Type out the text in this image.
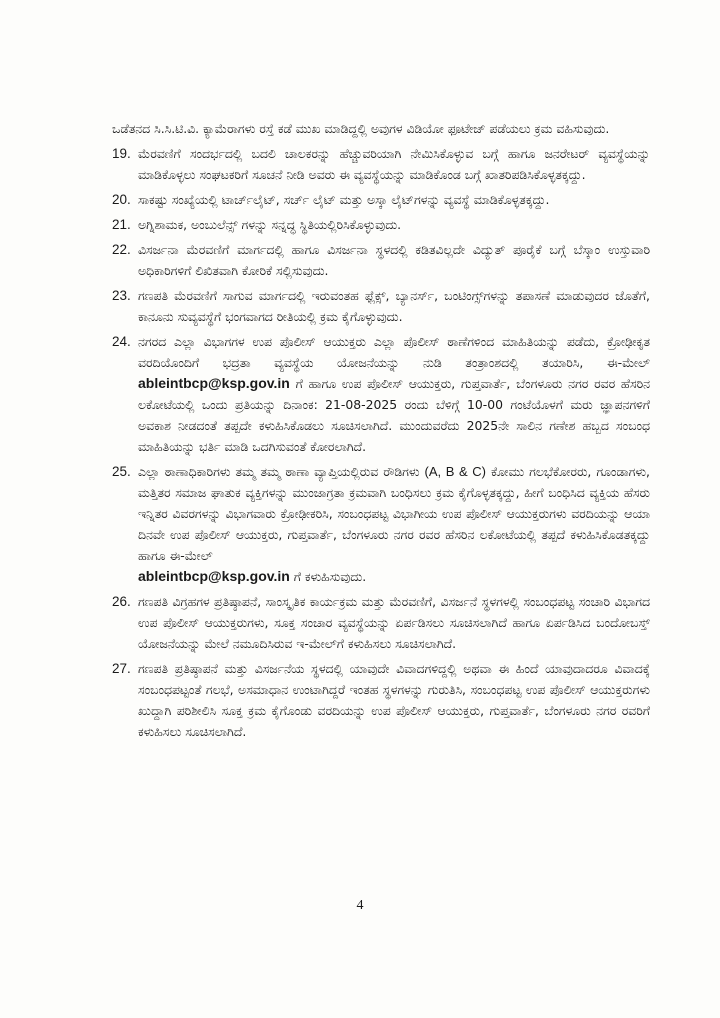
ಒಡೆತನದ ಸಿ.ಸಿ.ಟಿ.ವಿ. ಕ್ಯಾಮೆರಾಗಳು ರಸ್ತೆ ಕಡೆ ಮುಖ ಮಾಡಿದ್ದಲ್ಲಿ ಅವುಗಳ ವಿಡಿಯೋ ಫೂಟೇಜ್ ಪಡೆಯಲು ಕ್ರಮ ವಹಿಸುವುದು.

19. ಮೆರವಣಿಗೆ ಸಂದರ್ಭದಲ್ಲಿ ಬದಲಿ ಚಾಲಕರನ್ನು ಹೆಚ್ಚುವರಿಯಾಗಿ ನೇಮಿಸಿಕೊಳ್ಳುವ ಬಗ್ಗೆ ಹಾಗೂ ಜನರೇಟರ್ ವ್ಯವಸ್ಥೆಯನ್ನು ಮಾಡಿಕೊಳ್ಳಲು ಸಂಘಟಕರಿಗೆ ಸೂಚನೆ ನೀಡಿ ಅವರು ಈ ವ್ಯವಸ್ಥೆಯನ್ನು ಮಾಡಿಕೊಂಡ ಬಗ್ಗೆ ಖಾತರಿಪಡಿಸಿಕೊಳ್ಳತಕ್ಕದ್ದು.
20. ಸಾಕಷ್ಟು ಸಂಖ್ಯೆಯಲ್ಲಿ ಟಾರ್ಚ್‌ಲೈಟ್, ಸರ್ಚ್ ಲೈಟ್ ಮತ್ತು ಅಸ್ಕಾ ಲೈಟ್‌ಗಳನ್ನು ವ್ಯವಸ್ಥೆ ಮಾಡಿಕೊಳ್ಳತಕ್ಕದ್ದು.
21. ಅಗ್ನಿಶಾಮಕ, ಅಂಬುಲೆನ್ಸ್ ಗಳನ್ನು ಸನ್ನದ್ಧ ಸ್ಥಿತಿಯಲ್ಲಿರಿಸಿಕೊಳ್ಳುವುದು.
22. ವಿಸರ್ಜನಾ ಮೆರವಣಿಗೆ ಮಾರ್ಗದಲ್ಲಿ ಹಾಗೂ ವಿಸರ್ಜನಾ ಸ್ಥಳದಲ್ಲಿ ಕಡಿತವಿಲ್ಲದೇ ವಿದ್ಯುತ್ ಪೂರೈಕೆ ಬಗ್ಗೆ ಬೆಸ್ಕಾಂ ಉಸ್ತುವಾರಿ ಅಧಿಕಾರಿಗಳಿಗೆ ಲಿಖಿತವಾಗಿ ಕೋರಿಕೆ ಸಲ್ಲಿಸುವುದು.
23. ಗಣಪತಿ ಮೆರವಣಿಗೆ ಸಾಗುವ ಮಾರ್ಗದಲ್ಲಿ ಇರುವಂತಹ ಫ್ಲೆಕ್ಸ್, ಬ್ಯಾನರ್ಸ್, ಬಂಟಿಂಗ್ಸ್‌ಗಳನ್ನು ತಪಾಸಣೆ ಮಾಡುವುದರ ಜೊತೆಗೆ, ಕಾನೂನು ಸುವ್ಯವಸ್ಥೆಗೆ ಭಂಗವಾಗದ ರೀತಿಯಲ್ಲಿ ಕ್ರಮ ಕೈಗೊಳ್ಳುವುದು.
24. ನಗರದ ಎಲ್ಲಾ ವಿಭಾಗಗಳ ಉಪ ಪೊಲೀಸ್ ಆಯುಕ್ತರು ಎಲ್ಲಾ ಪೊಲೀಸ್ ಠಾಣೆಗಳಿಂದ ಮಾಹಿತಿಯನ್ನು ಪಡೆದು, ಕ್ರೋಢೀಕೃತ ವರದಿಯೊಂದಿಗೆ ಭದ್ರತಾ ವ್ಯವಸ್ಥೆಯ ಯೋಜನೆಯನ್ನು ನುಡಿ ತಂತ್ರಾಂಶದಲ್ಲಿ ತಯಾರಿಸಿ, ಈ-ಮೇಲ್ ableintbcp@ksp.gov.in ಗೆ ಹಾಗೂ ಉಪ ಪೊಲೀಸ್ ಆಯುಕ್ತರು, ಗುಪ್ತವಾರ್ತೆ, ಬೆಂಗಳೂರು ನಗರ ರವರ ಹೆಸರಿನ ಲಕೋಟೆಯಲ್ಲಿ ಒಂದು ಪ್ರತಿಯನ್ನು ದಿನಾಂಕ: 21-08-2025 ರಂದು ಬೆಳಿಗ್ಗೆ 10-00 ಗಂಟೆಯೊಳಗೆ ಮರು ಜ್ಞಾಪನಗಳಿಗೆ ಅವಕಾಶ ನೀಡದಂತೆ ತಪ್ಪದೇ ಕಳುಹಿಸಿಕೊಡಲು ಸೂಚಿಸಲಾಗಿದೆ. ಮುಂದುವರೆದು 2025ನೇ ಸಾಲಿನ ಗಣೇಶ ಹಬ್ಬದ ಸಂಬಂಧ ಮಾಹಿತಿಯನ್ನು ಭರ್ತಿ ಮಾಡಿ ಒದಗಿಸುವಂತೆ ಕೋರಲಾಗಿದೆ.
25. ಎಲ್ಲಾ ಠಾಣಾಧಿಕಾರಿಗಳು ತಮ್ಮ ತಮ್ಮ ಠಾಣಾ ವ್ಯಾಪ್ತಿಯಲ್ಲಿರುವ ರೌಡಿಗಳು (A, B & C) ಕೋಮು ಗಲಭೆಕೋರರು, ಗೂಂಡಾಗಳು, ಮತ್ತಿತರ ಸಮಾಜ ಘಾತುಕ ವ್ಯಕ್ತಿಗಳನ್ನು ಮುಂಜಾಗ್ರತಾ ಕ್ರಮವಾಗಿ ಬಂಧಿಸಲು ಕ್ರಮ ಕೈಗೊಳ್ಳತಕ್ಕದ್ದು, ಹೀಗೆ ಬಂಧಿಸಿದ ವ್ಯಕ್ತಿಯ ಹೆಸರು ಇನ್ನಿತರ ವಿವರಗಳನ್ನು ವಿಭಾಗವಾರು ಕ್ರೋಢೀಕರಿಸಿ, ಸಂಬಂಧಪಟ್ಟ ವಿಭಾಗೀಯ ಉಪ ಪೊಲೀಸ್ ಆಯುಕ್ತರುಗಳು ವರದಿಯನ್ನು ಆಯಾ ದಿನವೇ ಉಪ ಪೊಲೀಸ್ ಆಯುಕ್ತರು, ಗುಪ್ತವಾರ್ತೆ, ಬೆಂಗಳೂರು ನಗರ ರವರ ಹೆಸರಿನ ಲಕೋಟೆಯಲ್ಲಿ ತಪ್ಪದೆ ಕಳುಹಿಸಿಕೊಡತಕ್ಕದ್ದು ಹಾಗೂ ಈ-ಮೇಲ್
ableintbcp@ksp.gov.in ಗೆ ಕಳುಹಿಸುವುದು.
26. ಗಣಪತಿ ವಿಗ್ರಹಗಳ ಪ್ರತಿಷ್ಠಾಪನೆ, ಸಾಂಸ್ಕೃತಿಕ ಕಾರ್ಯಕ್ರಮ ಮತ್ತು ಮೆರವಣಿಗೆ, ವಿಸರ್ಜನೆ ಸ್ಥಳಗಳಲ್ಲಿ ಸಂಬಂಧಪಟ್ಟ ಸಂಚಾರಿ ವಿಭಾಗದ ಉಪ ಪೊಲೀಸ್ ಆಯುಕ್ತರುಗಳು, ಸೂಕ್ತ ಸಂಚಾರ ವ್ಯವಸ್ಥೆಯನ್ನು ಏರ್ಪಡಿಸಲು ಸೂಚಿಸಲಾಗಿದೆ ಹಾಗೂ ಏರ್ಪಡಿಸಿದ ಬಂದೋಬಸ್ತ್ ಯೋಜನೆಯನ್ನು ಮೇಲೆ ನಮೂದಿಸಿರುವ ಇ-ಮೇಲ್‌ಗೆ ಕಳುಹಿಸಲು ಸೂಚಿಸಲಾಗಿದೆ.
27. ಗಣಪತಿ ಪ್ರತಿಷ್ಠಾಪನೆ ಮತ್ತು ವಿಸರ್ಜನೆಯ ಸ್ಥಳದಲ್ಲಿ ಯಾವುದೇ ವಿವಾದಗಳಿದ್ದಲ್ಲಿ ಅಥವಾ ಈ ಹಿಂದೆ ಯಾವುದಾದರೂ ವಿವಾದಕ್ಕೆ ಸಂಬಂಧಪಟ್ಟಂತೆ ಗಲಭೆ, ಅಸಮಾಧಾನ ಉಂಟಾಗಿದ್ದರೆ ಇಂತಹ ಸ್ಥಳಗಳನ್ನು ಗುರುತಿಸಿ, ಸಂಬಂಧಪಟ್ಟ ಉಪ ಪೊಲೀಸ್ ಆಯುಕ್ತರುಗಳು ಖುದ್ದಾಗಿ ಪರಿಶೀಲಿಸಿ ಸೂಕ್ತ ಕ್ರಮ ಕೈಗೊಂಡು ವರದಿಯನ್ನು ಉಪ ಪೊಲೀಸ್ ಆಯುಕ್ತರು, ಗುಪ್ತವಾರ್ತೆ, ಬೆಂಗಳೂರು ನಗರ ರವರಿಗೆ ಕಳುಹಿಸಲು ಸೂಚಿಸಲಾಗಿದೆ.
4
